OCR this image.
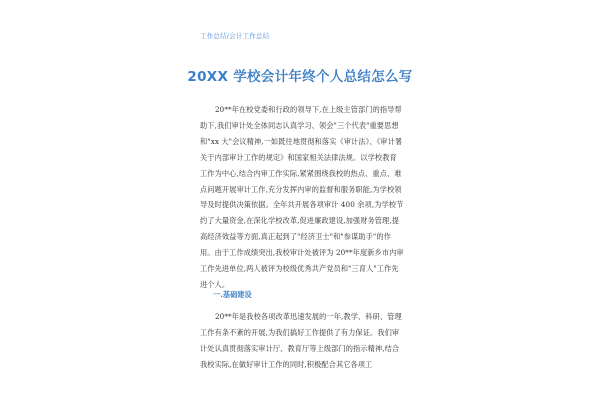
工作总结/会计工作总结
20XX 学校会计年终个人总结怎么写
20**年在校党委和行政的领导下,在上级主管部门的指导帮助下,我们审计处全体同志认真学习、领会"三个代表"重要思想和"xx 大"会议精神,一如既往地贯彻和落实《审计法》、《审计署关于内部审计工作的规定》和国家相关法律法规。以学校教育工作为中心,结合内审工作实际,紧紧围绕我校的热点、重点、难点问题开展审计工作,充分发挥内审的监督和服务职能,为学校领导及时提供决策依据。全年共开展各项审计 400 余项,为学校节约了大量资金,在深化学校改革,促进廉政建设,加强财务管理,提高经济效益等方面,真正起到了"经济卫士"和"参谋助手"的作用。由于工作成绩突出,我校审计处被评为 20**年度新乡市内审工作先进单位,两人被评为校级优秀共产党员和"三育人"工作先进个人。
一.基础建设
20**年是我校各项改革迅速发展的一年,教学、科研、管理工作有条不紊的开展,为我们搞好工作提供了有力保证。我们审计处认真贯彻落实审计厅、教育厅等上级部门的指示精神,结合我校实际,在做好审计工作的同时,积极配合其它各项工
